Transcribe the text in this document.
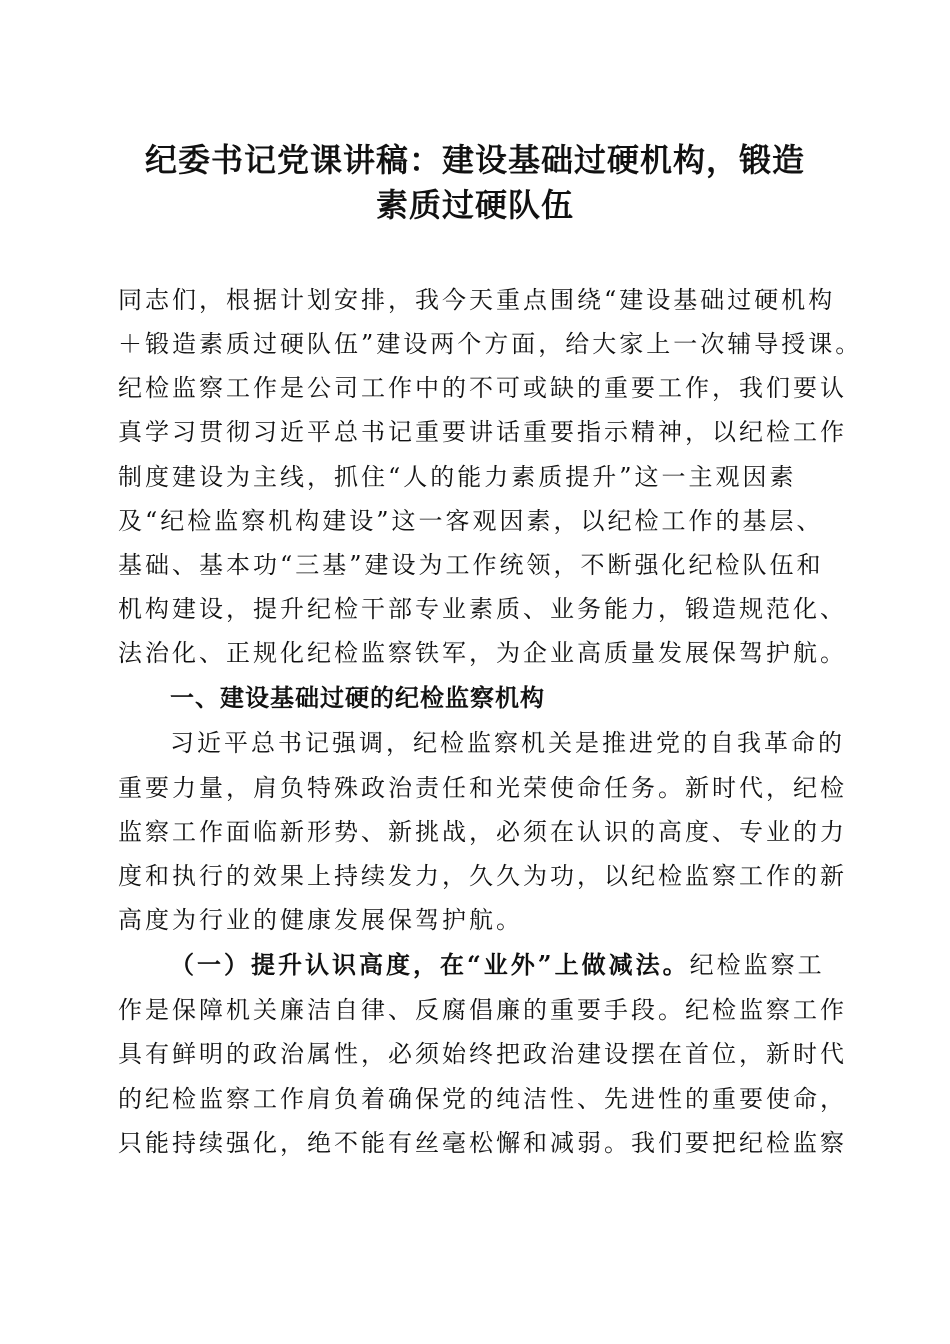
纪委书记党课讲稿：建设基础过硬机构，锻造
素质过硬队伍
同志们，根据计划安排，我今天重点围绕“建设基础过硬机构
＋锻造素质过硬队伍”建设两个方面，给大家上一次辅导授课。
纪检监察工作是公司工作中的不可或缺的重要工作，我们要认
真学习贯彻习近平总书记重要讲话重要指示精神，以纪检工作
制度建设为主线，抓住“人的能力素质提升”这一主观因素
及“纪检监察机构建设”这一客观因素，以纪检工作的基层、
基础、基本功“三基”建设为工作统领，不断强化纪检队伍和
机构建设，提升纪检干部专业素质、业务能力，锻造规范化、
法治化、正规化纪检监察铁军，为企业高质量发展保驾护航。
一、建设基础过硬的纪检监察机构
习近平总书记强调，纪检监察机关是推进党的自我革命的
重要力量，肩负特殊政治责任和光荣使命任务。新时代，纪检
监察工作面临新形势、新挑战，必须在认识的高度、专业的力
度和执行的效果上持续发力，久久为功，以纪检监察工作的新
高度为行业的健康发展保驾护航。
（一）提升认识高度，在“业外”上做减法。纪检监察工
作是保障机关廉洁自律、反腐倡廉的重要手段。纪检监察工作
具有鲜明的政治属性，必须始终把政治建设摆在首位，新时代
的纪检监察工作肩负着确保党的纯洁性、先进性的重要使命，
只能持续强化，绝不能有丝毫松懈和减弱。我们要把纪检监察
